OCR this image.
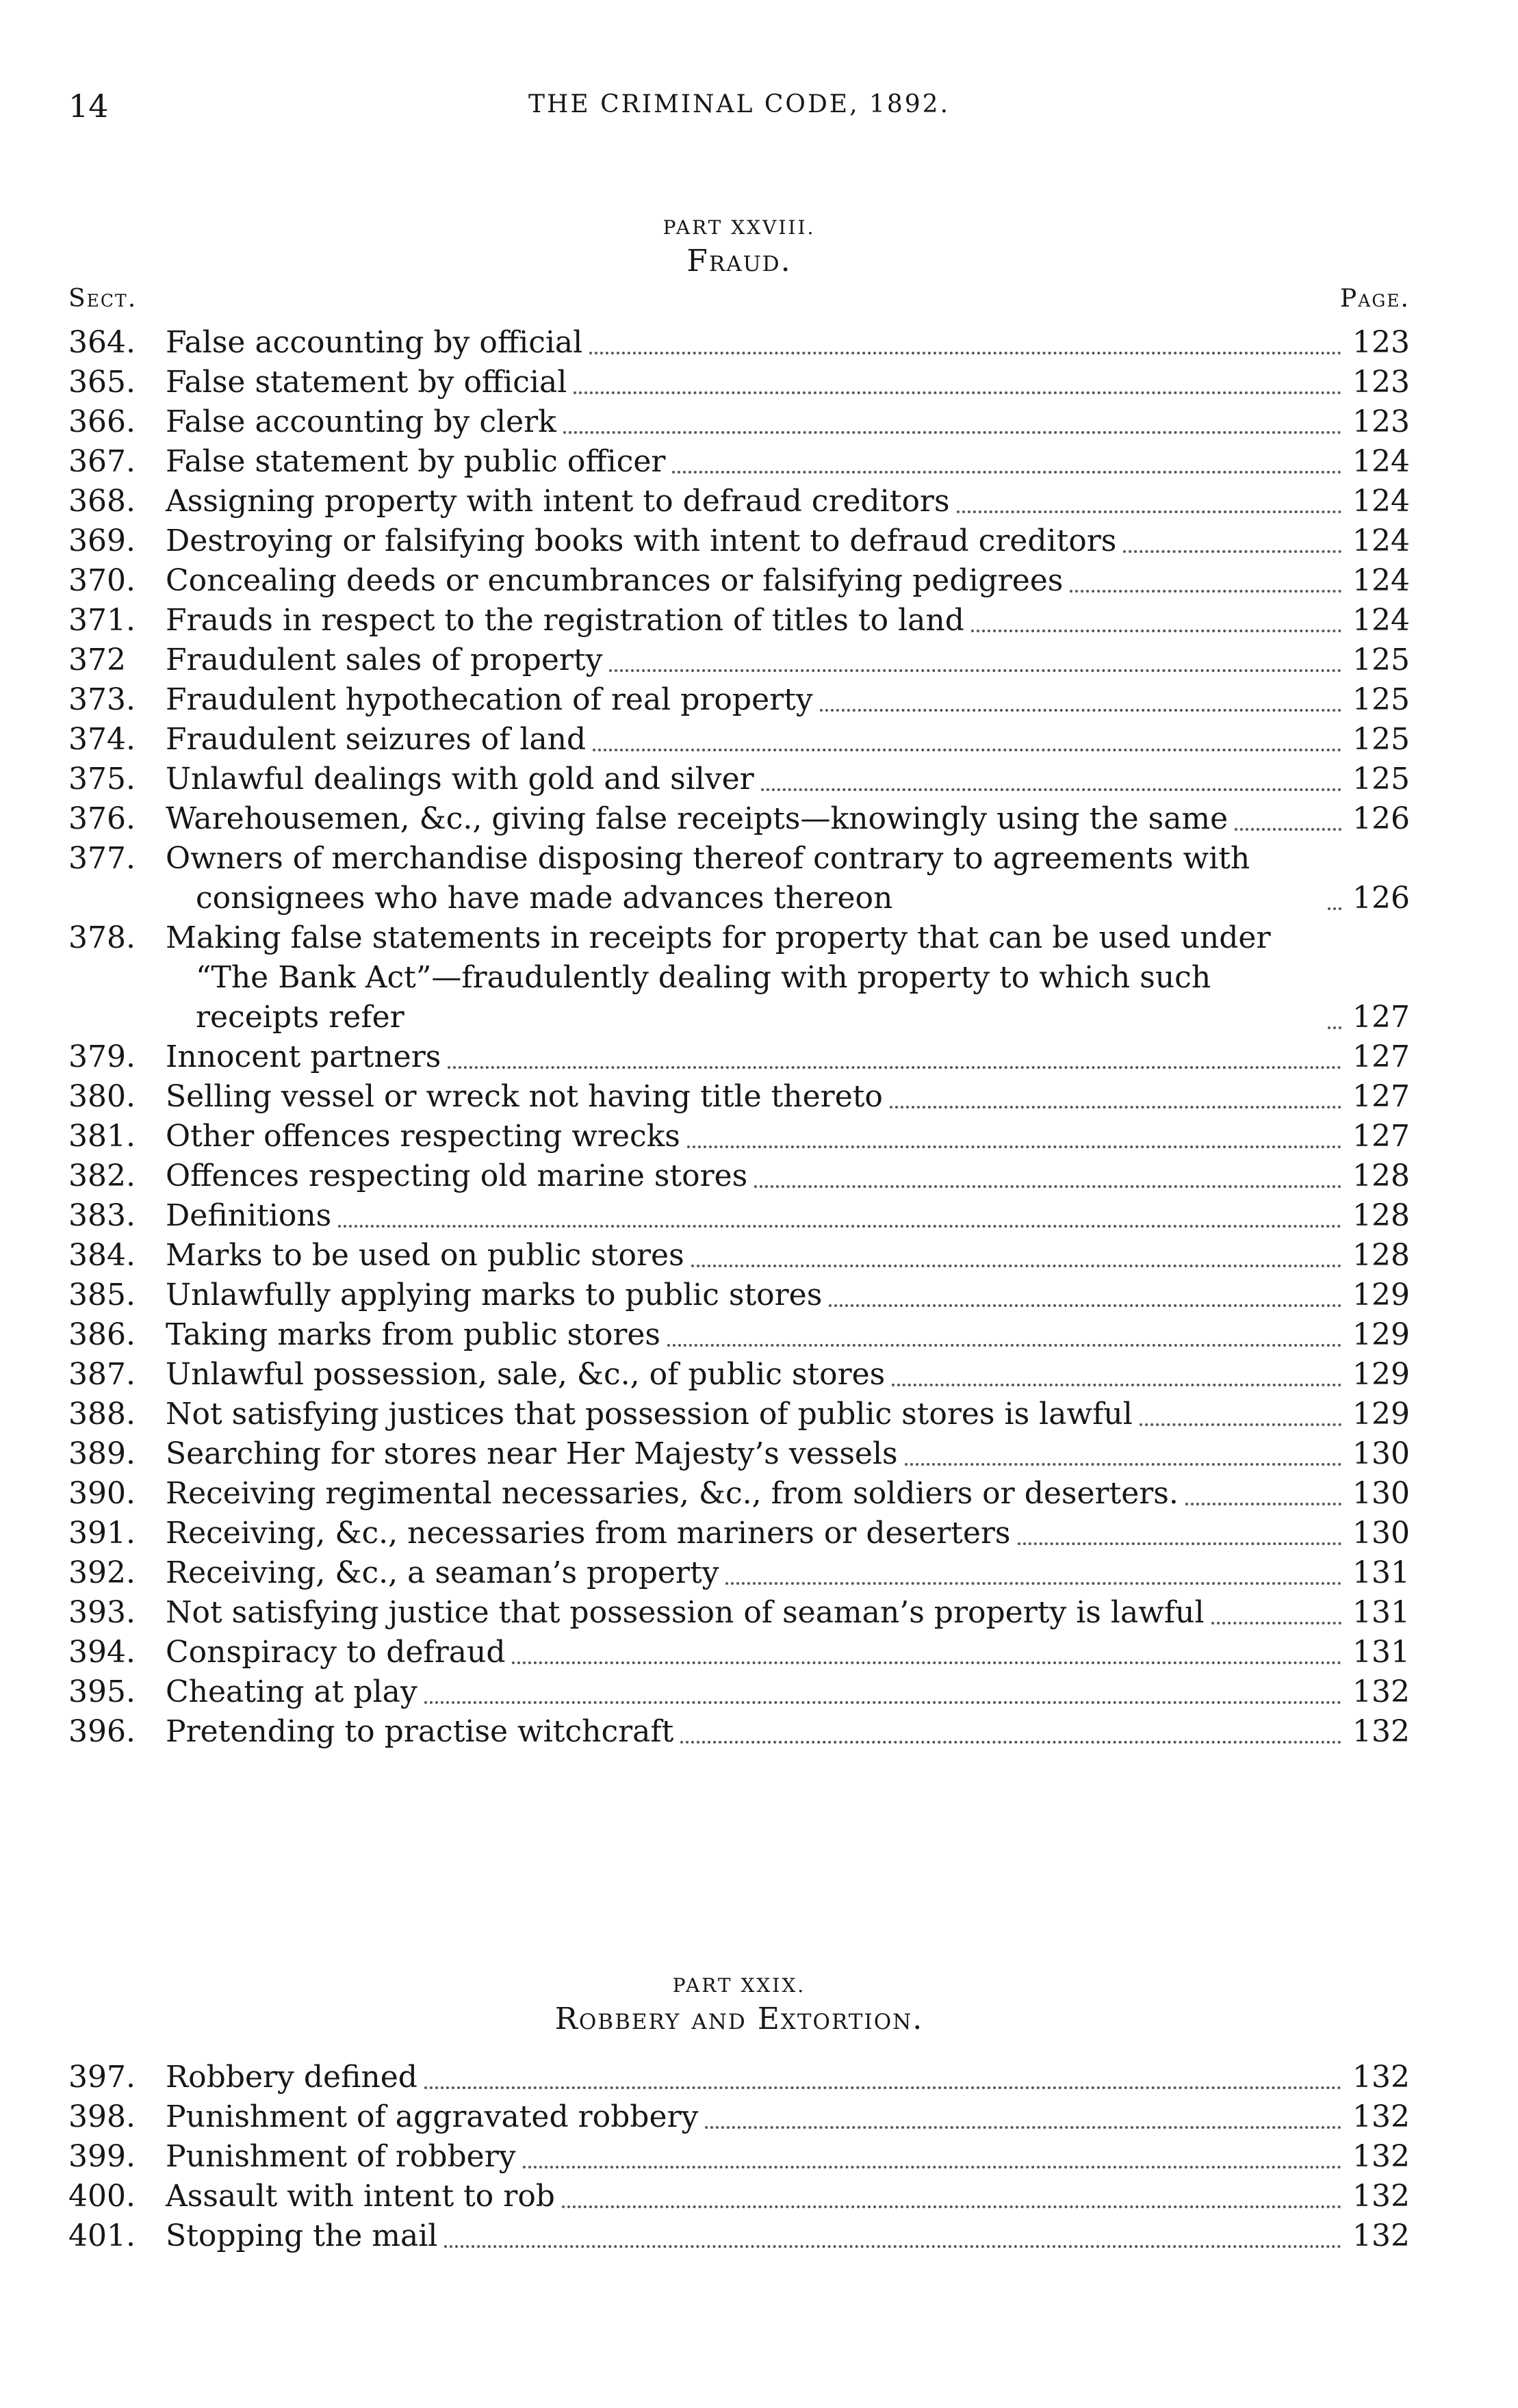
14	THE CRIMINAL CODE, 1892.
PART XXVIII.
Fraud.
Sect.	Page.
364.	False accounting by official	123
365.	False statement by official	123
366.	False accounting by clerk	123
367.	False statement by public officer	124
368.	Assigning property with intent to defraud creditors	124
369.	Destroying or falsifying books with intent to defraud creditors	124
370.	Concealing deeds or encumbrances or falsifying pedigrees	124
371.	Frauds in respect to the registration of titles to land	124
372	Fraudulent sales of property	125
373.	Fraudulent hypothecation of real property	125
374.	Fraudulent seizures of land	125
375.	Unlawful dealings with gold and silver	125
376.	Warehousemen, &c., giving false receipts—knowingly using the same	126
377.	Owners of merchandise disposing thereof contrary to agreements with consignees who have made advances thereon	126
378.	Making false statements in receipts for property that can be used under “The Bank Act”—fraudulently dealing with property to which such receipts refer	127
379.	Innocent partners	127
380.	Selling vessel or wreck not having title thereto	127
381.	Other offences respecting wrecks	127
382.	Offences respecting old marine stores	128
383.	Definitions	128
384.	Marks to be used on public stores	128
385.	Unlawfully applying marks to public stores	129
386.	Taking marks from public stores	129
387.	Unlawful possession, sale, &c., of public stores	129
388.	Not satisfying justices that possession of public stores is lawful	129
389.	Searching for stores near Her Majesty’s vessels	130
390.	Receiving regimental necessaries, &c., from soldiers or deserters.	130
391.	Receiving, &c., necessaries from mariners or deserters	130
392.	Receiving, &c., a seaman’s property	131
393.	Not satisfying justice that possession of seaman’s property is lawful	131
394.	Conspiracy to defraud	131
395.	Cheating at play	132
396.	Pretending to practise witchcraft	132
PART XXIX.
Robbery and Extortion.
397.	Robbery defined	132
398.	Punishment of aggravated robbery	132
399.	Punishment of robbery	132
400.	Assault with intent to rob	132
401.	Stopping the mail	132
